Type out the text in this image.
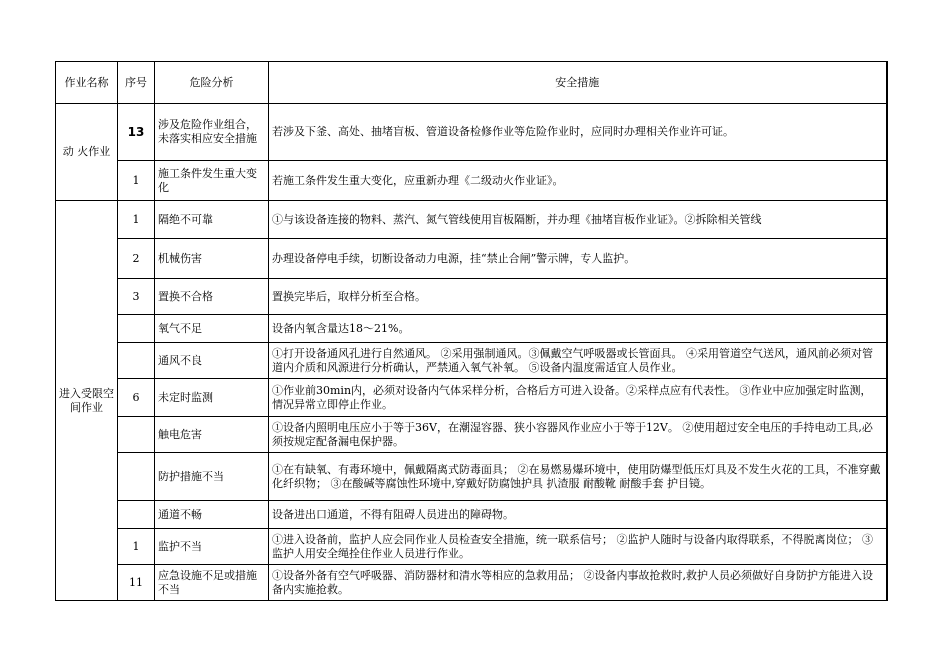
作业名称	序号	危险分析	安全措施
动 火作业	13	涉及危险作业组合，未落实相应安全措施	若涉及下釜、高处、抽堵盲板、管道设备检修作业等危险作业时，应同时办理相关作业许可证。
	1	施工条件发生重大变化	若施工条件发生重大变化，应重新办理《二级动火作业证》。
进入受限空间作业	1	隔绝不可靠	①与该设备连接的物料、蒸汽、氮气管线使用盲板隔断，并办理《抽堵盲板作业证》。②拆除相关管线
	2	机械伤害	办理设备停电手续，切断设备动力电源，挂“禁止合闸”警示牌，专人监护。
	3	置换不合格	置换完毕后，取样分析至合格。
		氧气不足	设备内氧含量达18～21%。
		通风不良	①打开设备通风孔进行自然通风。 ②采用强制通风。③佩戴空气呼吸器或长管面具。 ④采用管道空气送风，通风前必须对管道内介质和风源进行分析确认，严禁通入氧气补氧。 ⑤设备内温度需适宜人员作业。
	6	未定时监测	①作业前30min内，必须对设备内气体采样分析，合格后方可进入设备。②采样点应有代表性。 ③作业中应加强定时监测，情况异常立即停止作业。
		触电危害	①设备内照明电压应小于等于36V，在潮湿容器、狭小容器风作业应小于等于12V。 ②使用超过安全电压的手持电动工具,必须按规定配备漏电保护器。
		防护措施不当	①在有缺氧、有毒环境中，佩戴隔离式防毒面具； ②在易燃易爆环境中，使用防爆型低压灯具及不发生火花的工具，不准穿戴化纤织物； ③在酸碱等腐蚀性环境中,穿戴好防腐蚀护具 扒渣服 耐酸靴 耐酸手套 护目镜。
		通道不畅	设备进出口通道，不得有阻碍人员进出的障碍物。
	1	监护不当	①进入设备前，监护人应会同作业人员检查安全措施，统一联系信号； ②监护人随时与设备内取得联系，不得脱离岗位； ③监护人用安全绳拴住作业人员进行作业。
	11	应急设施不足或措施不当	①设备外备有空气呼吸器、消防器材和清水等相应的急救用品； ②设备内事故抢救时,救护人员必须做好自身防护方能进入设备内实施抢救。
